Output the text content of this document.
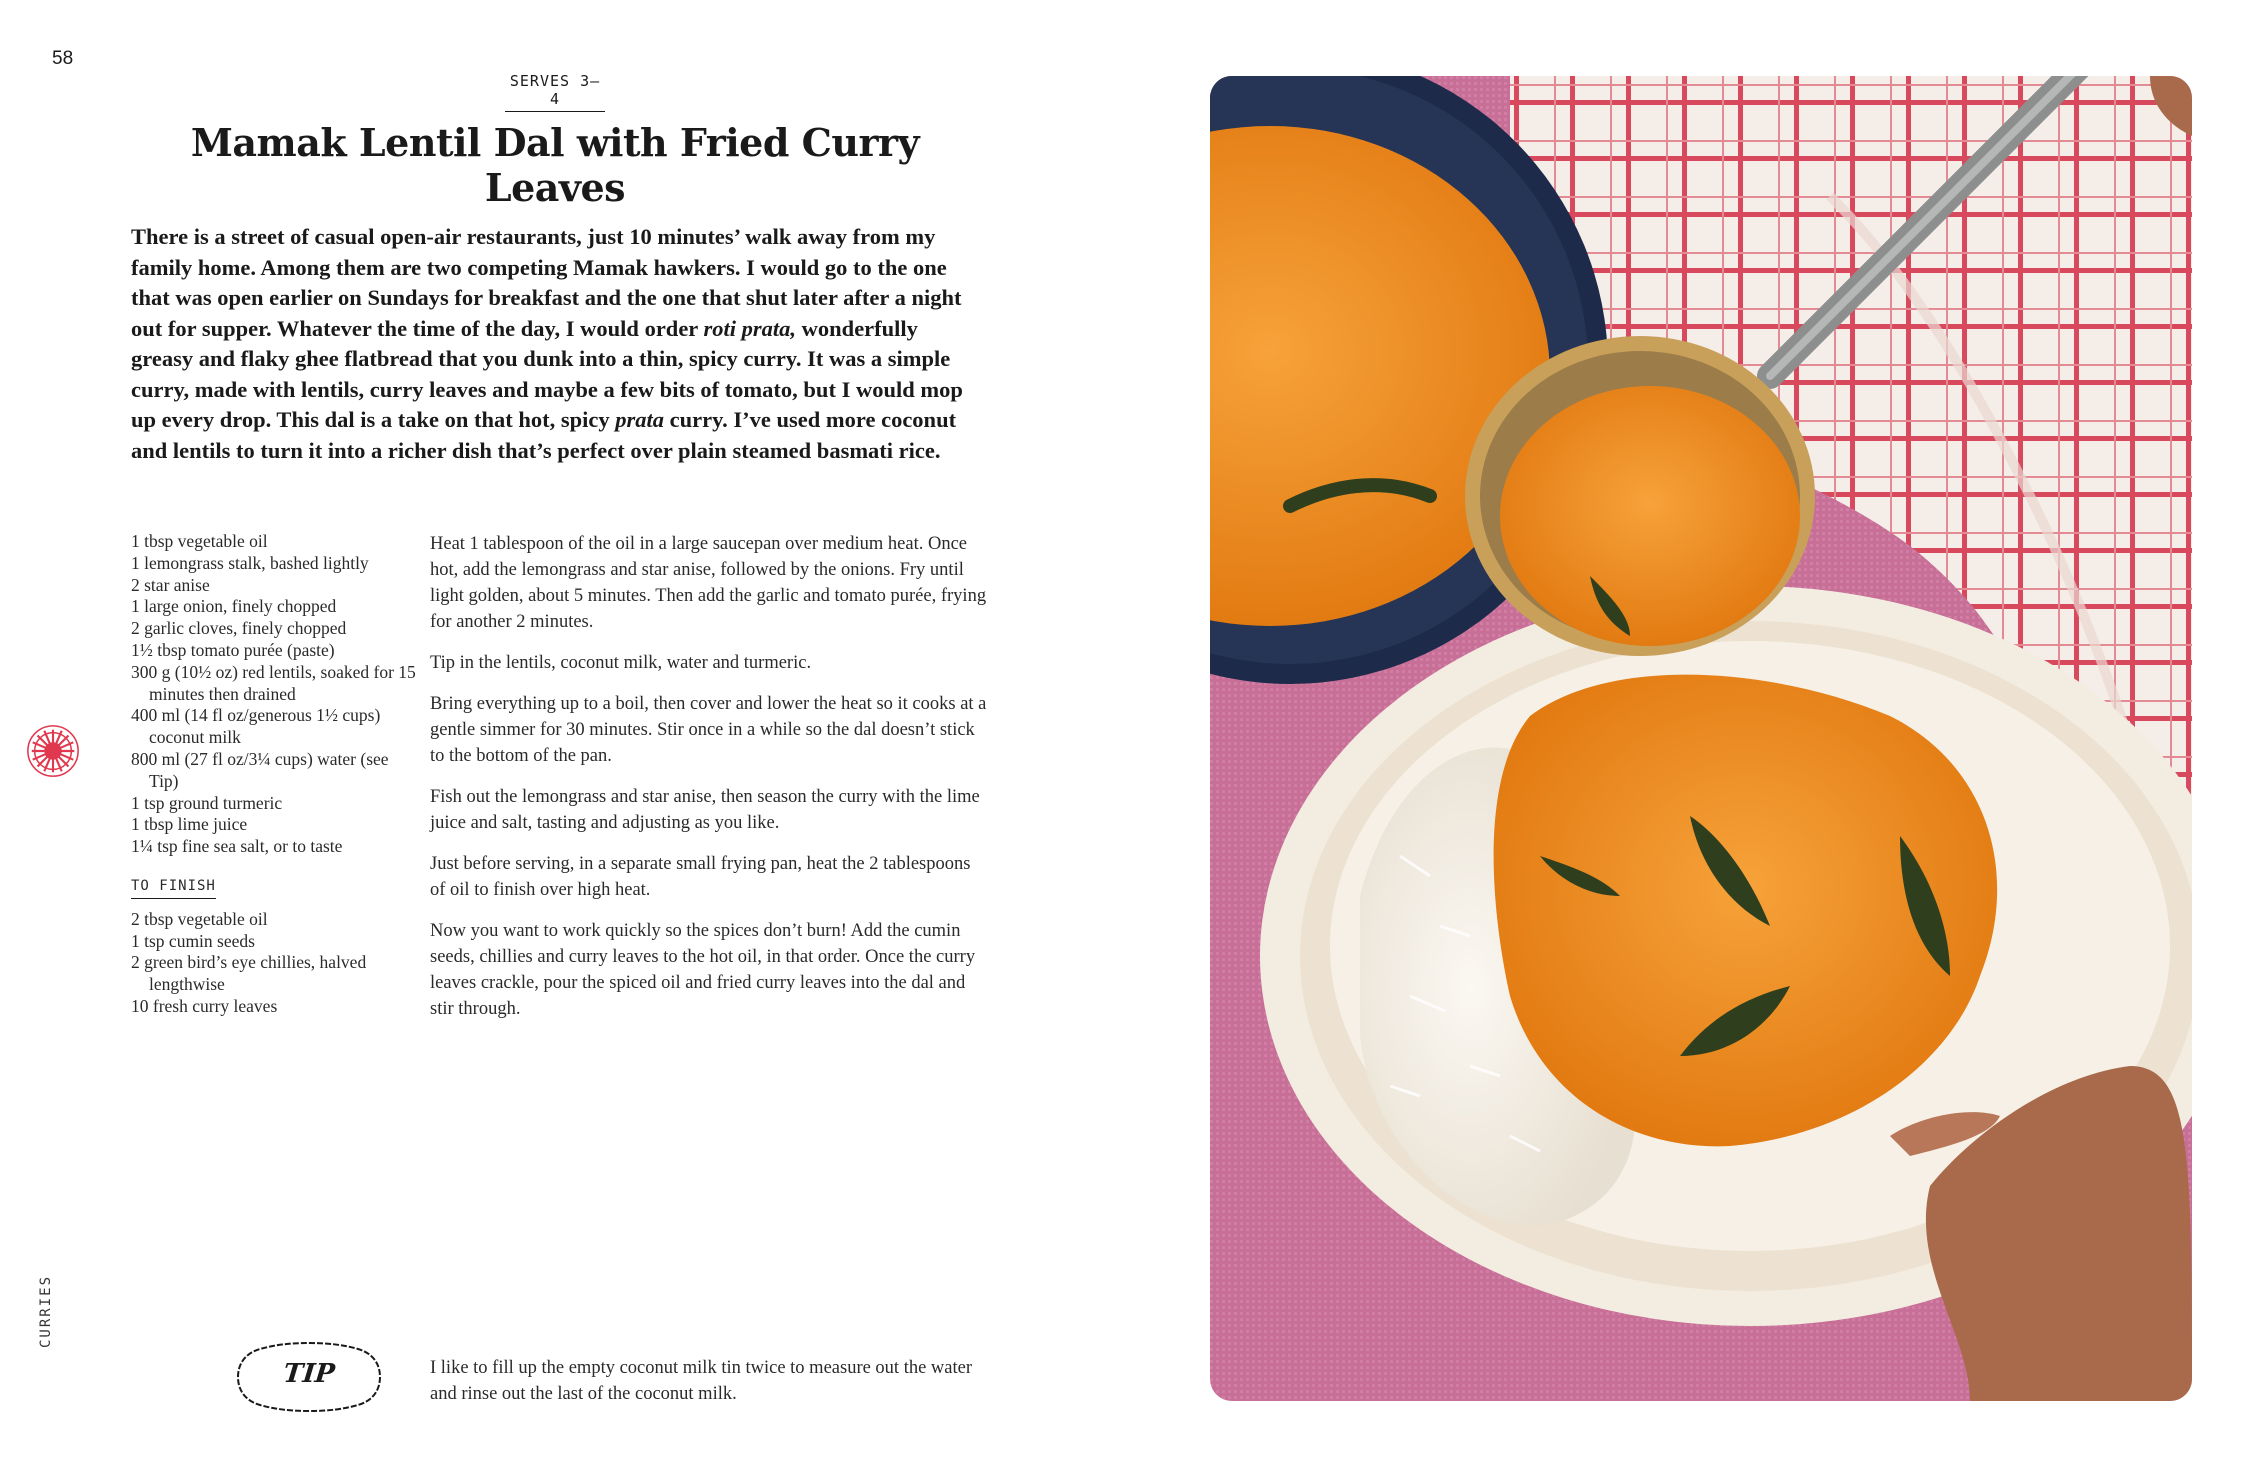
58
SERVES 3–4
Mamak Lentil Dal with Fried Curry Leaves

There is a street of casual open-air restaurants, just 10 minutes’ walk away from my family home. Among them are two competing Mamak hawkers. I would go to the one that was open earlier on Sundays for breakfast and the one that shut later after a night out for supper. Whatever the time of the day, I would order roti prata, wonderfully greasy and flaky ghee flatbread that you dunk into a thin, spicy curry. It was a simple curry, made with lentils, curry leaves and maybe a few bits of tomato, but I would mop up every drop. This dal is a take on that hot, spicy prata curry. I’ve used more coconut and lentils to turn it into a richer dish that’s perfect over plain steamed basmati rice.

1 tbsp vegetable oil
1 lemongrass stalk, bashed lightly
2 star anise
1 large onion, finely chopped
2 garlic cloves, finely chopped
1½ tbsp tomato purée (paste)
300 g (10½ oz) red lentils, soaked for 15 minutes then drained
400 ml (14 fl oz/generous 1½ cups) coconut milk
800 ml (27 fl oz/3¼ cups) water (see Tip)
1 tsp ground turmeric
1 tbsp lime juice
1¼ tsp fine sea salt, or to taste
TO FINISH
2 tbsp vegetable oil
1 tsp cumin seeds
2 green bird’s eye chillies, halved lengthwise
10 fresh curry leaves

Heat 1 tablespoon of the oil in a large saucepan over medium heat. Once hot, add the lemongrass and star anise, followed by the onions. Fry until light golden, about 5 minutes. Then add the garlic and tomato purée, frying for another 2 minutes.

Tip in the lentils, coconut milk, water and turmeric.

Bring everything up to a boil, then cover and lower the heat so it cooks at a gentle simmer for 30 minutes. Stir once in a while so the dal doesn’t stick to the bottom of the pan.

Fish out the lemongrass and star anise, then season the curry with the lime juice and salt, tasting and adjusting as you like.

Just before serving, in a separate small frying pan, heat the 2 tablespoons of oil to finish over high heat.

Now you want to work quickly so the spices don’t burn! Add the cumin seeds, chillies and curry leaves to the hot oil, in that order. Once the curry leaves crackle, pour the spiced oil and fried curry leaves into the dal and stir through.

CURRIES
TIP	I like to fill up the empty coconut milk tin twice to measure out the water and rinse out the last of the coconut milk.
